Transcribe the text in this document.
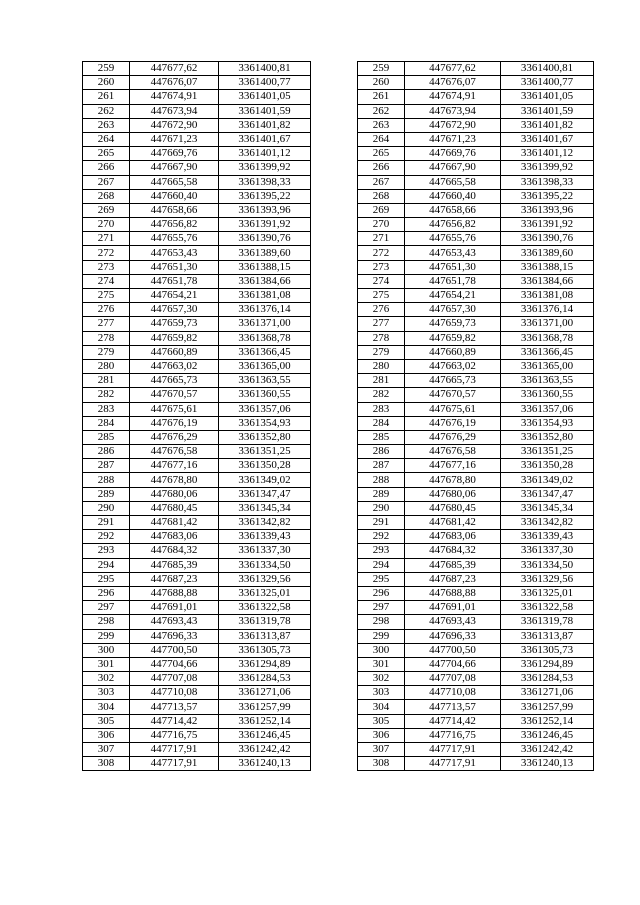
259	447677,62	3361400,81		259	447677,62	3361400,81
260	447676,07	3361400,77		260	447676,07	3361400,77
261	447674,91	3361401,05		261	447674,91	3361401,05
262	447673,94	3361401,59		262	447673,94	3361401,59
263	447672,90	3361401,82		263	447672,90	3361401,82
264	447671,23	3361401,67		264	447671,23	3361401,67
265	447669,76	3361401,12		265	447669,76	3361401,12
266	447667,90	3361399,92		266	447667,90	3361399,92
267	447665,58	3361398,33		267	447665,58	3361398,33
268	447660,40	3361395,22		268	447660,40	3361395,22
269	447658,66	3361393,96		269	447658,66	3361393,96
270	447656,82	3361391,92		270	447656,82	3361391,92
271	447655,76	3361390,76		271	447655,76	3361390,76
272	447653,43	3361389,60		272	447653,43	3361389,60
273	447651,30	3361388,15		273	447651,30	3361388,15
274	447651,78	3361384,66		274	447651,78	3361384,66
275	447654,21	3361381,08		275	447654,21	3361381,08
276	447657,30	3361376,14		276	447657,30	3361376,14
277	447659,73	3361371,00		277	447659,73	3361371,00
278	447659,82	3361368,78		278	447659,82	3361368,78
279	447660,89	3361366,45		279	447660,89	3361366,45
280	447663,02	3361365,00		280	447663,02	3361365,00
281	447665,73	3361363,55		281	447665,73	3361363,55
282	447670,57	3361360,55		282	447670,57	3361360,55
283	447675,61	3361357,06		283	447675,61	3361357,06
284	447676,19	3361354,93		284	447676,19	3361354,93
285	447676,29	3361352,80		285	447676,29	3361352,80
286	447676,58	3361351,25		286	447676,58	3361351,25
287	447677,16	3361350,28		287	447677,16	3361350,28
288	447678,80	3361349,02		288	447678,80	3361349,02
289	447680,06	3361347,47		289	447680,06	3361347,47
290	447680,45	3361345,34		290	447680,45	3361345,34
291	447681,42	3361342,82		291	447681,42	3361342,82
292	447683,06	3361339,43		292	447683,06	3361339,43
293	447684,32	3361337,30		293	447684,32	3361337,30
294	447685,39	3361334,50		294	447685,39	3361334,50
295	447687,23	3361329,56		295	447687,23	3361329,56
296	447688,88	3361325,01		296	447688,88	3361325,01
297	447691,01	3361322,58		297	447691,01	3361322,58
298	447693,43	3361319,78		298	447693,43	3361319,78
299	447696,33	3361313,87		299	447696,33	3361313,87
300	447700,50	3361305,73		300	447700,50	3361305,73
301	447704,66	3361294,89		301	447704,66	3361294,89
302	447707,08	3361284,53		302	447707,08	3361284,53
303	447710,08	3361271,06		303	447710,08	3361271,06
304	447713,57	3361257,99		304	447713,57	3361257,99
305	447714,42	3361252,14		305	447714,42	3361252,14
306	447716,75	3361246,45		306	447716,75	3361246,45
307	447717,91	3361242,42		307	447717,91	3361242,42
308	447717,91	3361240,13		308	447717,91	3361240,13
